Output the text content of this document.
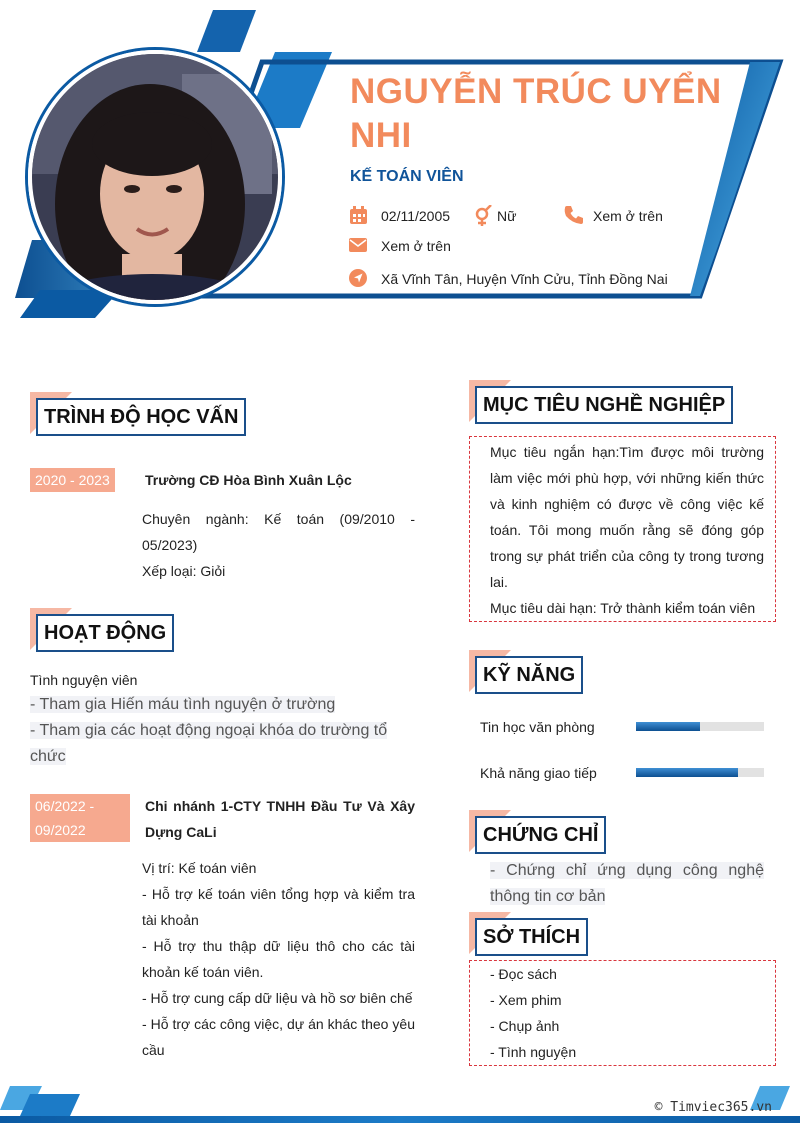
NGUYỄN TRÚC UYỂN NHI
KẾ TOÁN VIÊN
02/11/2005	Nữ	Xem ở trên
Xem ở trên
Xã Vĩnh Tân, Huyện Vĩnh Cửu, Tỉnh Đồng Nai
TRÌNH ĐỘ HỌC VẤN
2020 - 2023	Trường CĐ Hòa Bình Xuân Lộc
Chuyên ngành: Kế toán (09/2010 - 05/2023)
Xếp loại: Giỏi
HOẠT ĐỘNG
Tình nguyện viên
- Tham gia Hiến máu tình nguyện ở trường
- Tham gia các hoạt động ngoại khóa do trường tổ chức
06/2022 - 09/2022
Chi nhánh 1-CTY TNHH Đầu Tư Và Xây Dựng CaLi
Vị trí: Kế toán viên
- Hỗ trợ kế toán viên tổng hợp và kiểm tra tài khoản
- Hỗ trợ thu thập dữ liệu thô cho các tài khoản kế toán viên.
- Hỗ trợ cung cấp dữ liệu và hồ sơ biên chế
- Hỗ trợ các công việc, dự án khác theo yêu cầu
MỤC TIÊU NGHỀ NGHIỆP
Mục tiêu ngắn hạn:Tìm được môi trường làm việc mới phù hợp, với những kiến thức và kinh nghiệm có được về công việc kế toán. Tôi mong muốn rằng sẽ đóng góp trong sự phát triển của công ty trong tương lai.
Mục tiêu dài hạn: Trở thành kiểm toán viên
KỸ NĂNG
Tin học văn phòng
Khả năng giao tiếp
CHỨNG CHỈ
- Chứng chỉ ứng dụng công nghệ thông tin cơ bản
SỞ THÍCH
- Đọc sách
- Xem phim
- Chụp ảnh
- Tình nguyện
© Timviec365.vn
